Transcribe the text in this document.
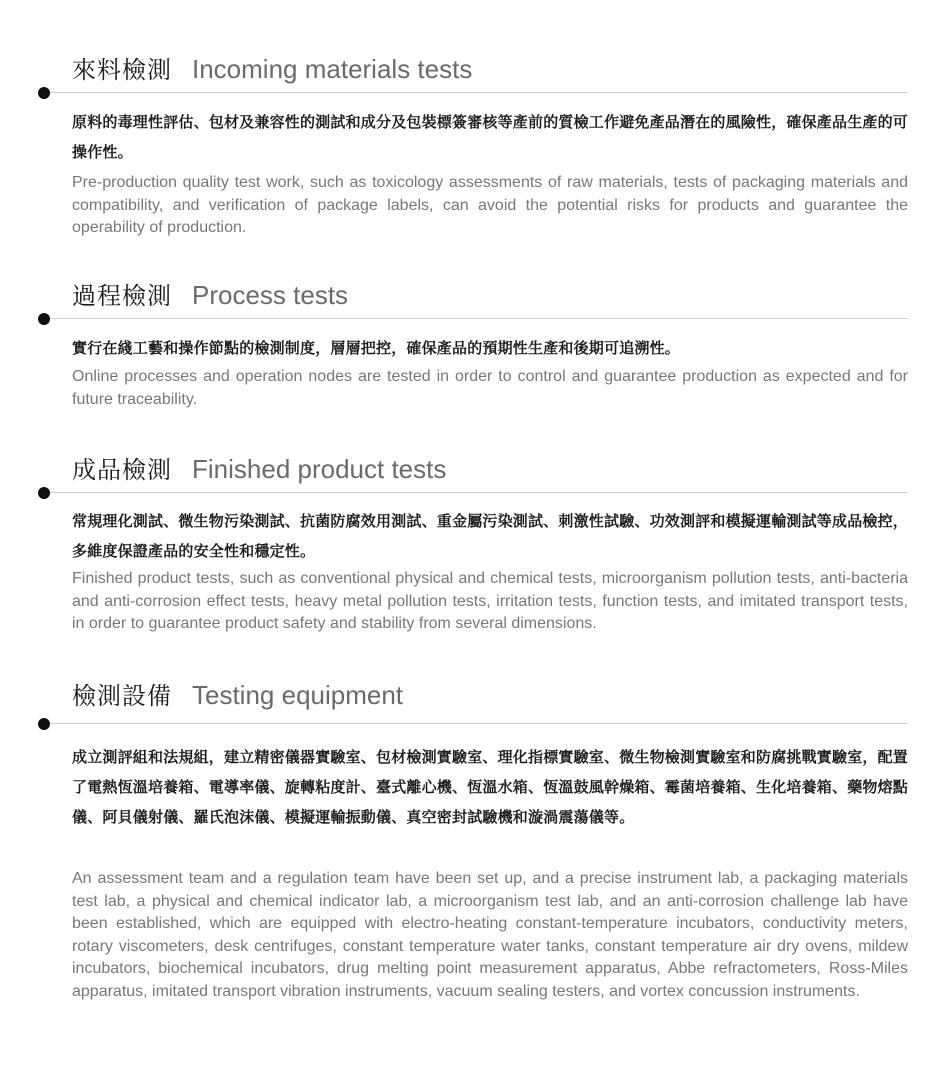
來料檢測 Incoming materials tests
原料的毒理性評估、包材及兼容性的測試和成分及包裝標簽審核等產前的質檢工作避免產品潛在的風險性，確保產品生產的可操作性。
Pre-production quality test work, such as toxicology assessments of raw materials, tests of packaging materials and compatibility, and verification of package labels, can avoid the potential risks for products and guarantee the operability of production.
過程檢測 Process tests
實行在綫工藝和操作節點的檢測制度，層層把控，確保產品的預期性生產和後期可追溯性。
Online processes and operation nodes are tested in order to control and guarantee production as expected and for future traceability.
成品檢測 Finished product tests
常規理化測試、微生物污染測試、抗菌防腐效用測試、重金屬污染測試、刺激性試驗、功效測評和模擬運輸測試等成品檢控，多維度保證產品的安全性和穩定性。
Finished product tests, such as conventional physical and chemical tests, microorganism pollution tests, anti-bacteria and anti-corrosion effect tests, heavy metal pollution tests, irritation tests, function tests, and imitated transport tests, in order to guarantee product safety and stability from several dimensions.
檢測設備 Testing equipment
成立測評組和法規組，建立精密儀器實驗室、包材檢測實驗室、理化指標實驗室、微生物檢測實驗室和防腐挑戰實驗室，配置了電熱恆溫培養箱、電導率儀、旋轉粘度計、臺式離心機、恆溫水箱、恆溫鼓風幹燥箱、霉菌培養箱、生化培養箱、藥物熔點儀、阿貝儀射儀、羅氏泡沫儀、模擬運輸振動儀、真空密封試驗機和漩渦震蕩儀等。
An assessment team and a regulation team have been set up, and a precise instrument lab, a packaging materials test lab, a physical and chemical indicator lab, a microorganism test lab, and an anti-corrosion challenge lab have been established, which are equipped with electro-heating constant-temperature incubators, conductivity meters, rotary viscometers, desk centrifuges, constant temperature water tanks, constant temperature air dry ovens, mildew incubators, biochemical incubators, drug melting point measurement apparatus, Abbe refractometers, Ross-Miles apparatus, imitated transport vibration instruments, vacuum sealing testers, and vortex concussion instruments.
